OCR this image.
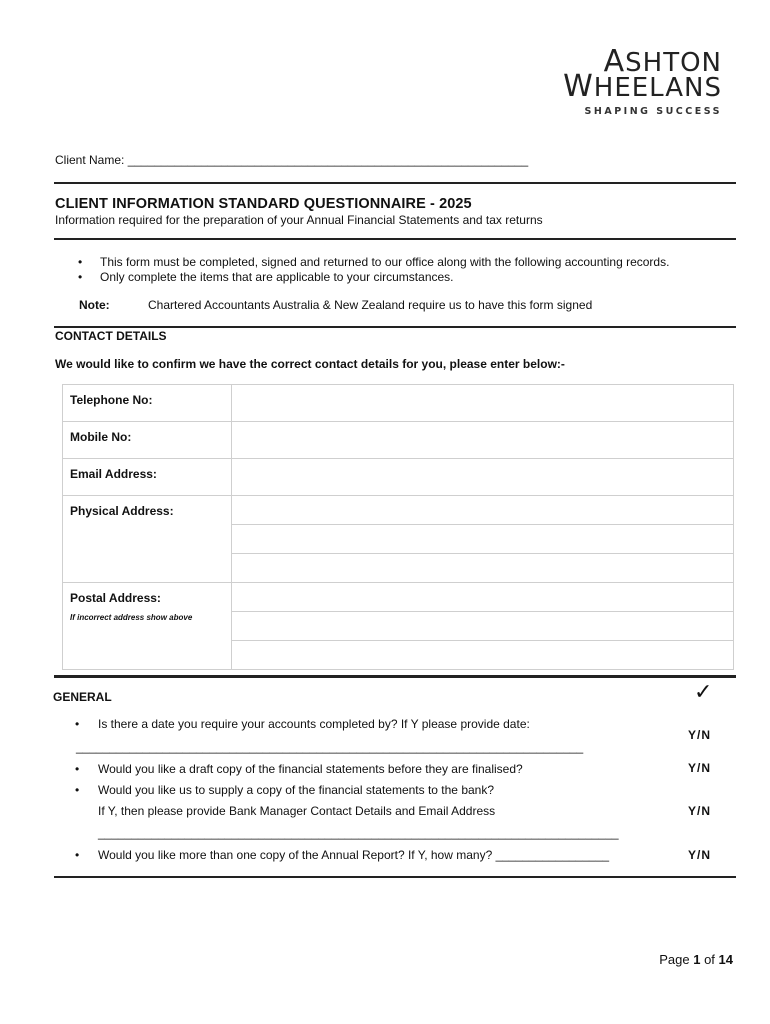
ASHTON
WHEELANS
SHAPING SUCCESS
Client Name: ____________________________________________________________
CLIENT INFORMATION STANDARD QUESTIONNAIRE - 2025
Information required for the preparation of your Annual Financial Statements and tax returns
• This form must be completed, signed and returned to our office along with the following accounting records.
• Only complete the items that are applicable to your circumstances.
Note:	Chartered Accountants Australia & New Zealand require us to have this form signed
CONTACT DETAILS
We would like to confirm we have the correct contact details for you, please enter below:-
Telephone No:	
Mobile No:	
Email Address:	
Physical Address:	

Postal Address:
If incorrect address show above	

GENERAL	✓
• Is there a date you require your accounts completed by? If Y please provide date:
____________________________________________________________________________
Y/N
• Would you like a draft copy of the financial statements before they are finalised?	Y/N
• Would you like us to supply a copy of the financial statements to the bank?
If Y, then please provide Bank Manager Contact Details and Email Address
______________________________________________________________________________
Y/N
• Would you like more than one copy of the Annual Report? If Y, how many? _________________	Y/N
Page 1 of 14
